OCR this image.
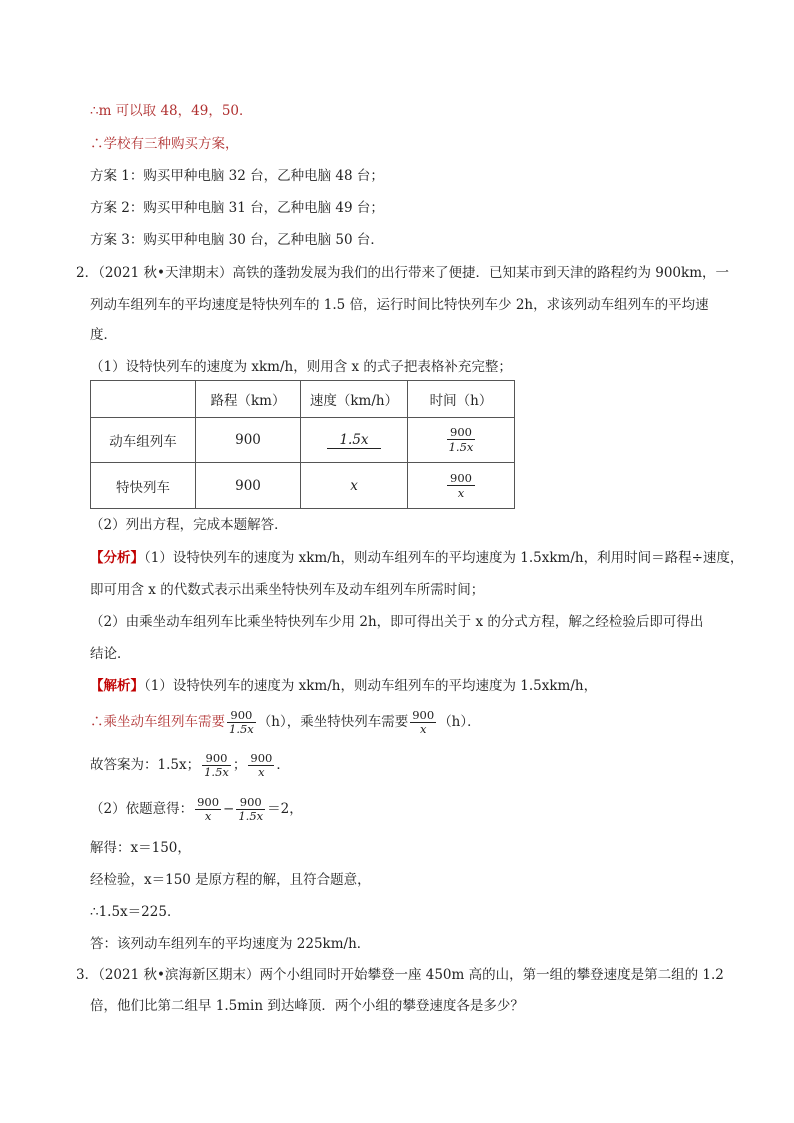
∴m 可以取 48，49，50．
∴学校有三种购买方案，
方案 1：购买甲种电脑 32 台，乙种电脑 48 台；
方案 2：购买甲种电脑 31 台，乙种电脑 49 台；
方案 3：购买甲种电脑 30 台，乙种电脑 50 台．
2．（2021 秋•天津期末）高铁的蓬勃发展为我们的出行带来了便捷．已知某市到天津的路程约为 900km，一
列动车组列车的平均速度是特快列车的 1.5 倍，运行时间比特快列车少 2h，求该列动车组列车的平均速
度．
（1）设特快列车的速度为 xkm/h，则用含 x 的式子把表格补充完整；
	路程（km）	速度（km/h）	时间（h）
动车组列车	900	1.5x	$\frac{900}{1.5x}$

特快列车	900	x	$\frac{900}{x}$
（2）列出方程，完成本题解答．
【分析】（1）设特快列车的速度为 xkm/h，则动车组列车的平均速度为 1.5xkm/h，利用时间＝路程÷速度，
即可用含 x 的代数式表示出乘坐特快列车及动车组列车所需时间；
（2）由乘坐动车组列车比乘坐特快列车少用 2h，即可得出关于 x 的分式方程，解之经检验后即可得出
结论．
【解析】（1）设特快列车的速度为 xkm/h，则动车组列车的平均速度为 1.5xkm/h，
∴乘坐动车组列车需要 $\frac{900}{1.5x} (h)$，乘坐特快列车需要 $\frac{900}{x} (h)$．
故答案为：1.5x； $\frac{900}{1.5x}$ ； $\frac{900}{x}$ ．
（2）依题意得： $\frac{900}{x} - \frac{900}{1.5x} =2$，
解得：x＝150，
经检验，x＝150 是原方程的解，且符合题意，
∴1.5x＝225．
答：该列动车组列车的平均速度为 225km/h．
3．（2021 秋•滨海新区期末）两个小组同时开始攀登一座 450m 高的山，第一组的攀登速度是第二组的 1.2
倍，他们比第二组早 1.5min 到达峰顶．两个小组的攀登速度各是多少？
